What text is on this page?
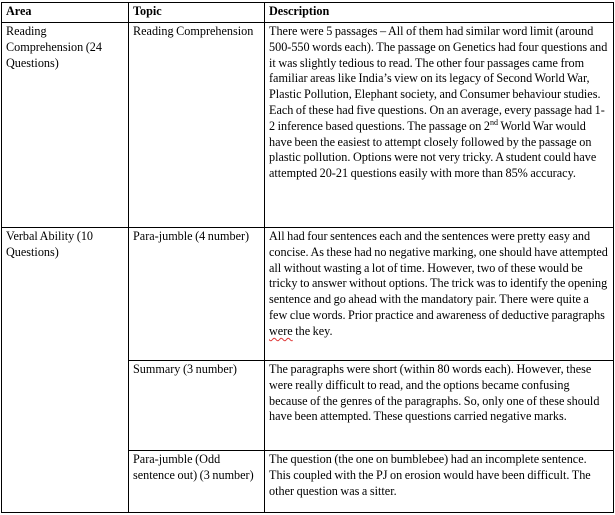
Area	Topic	Description
Reading Comprehension (24 Questions)	Reading Comprehension	There were 5 passages – All of them had similar word limit (around 500-550 words each). The passage on Genetics had four questions and it was slightly tedious to read. The other four passages came from familiar areas like India’s view on its legacy of Second World War, Plastic Pollution, Elephant society, and Consumer behaviour studies. Each of these had five questions. On an average, every passage had 1-2 inference based questions. The passage on 2nd World War would have been the easiest to attempt closely followed by the passage on plastic pollution. Options were not very tricky. A student could have attempted 20-21 questions easily with more than 85% accuracy.
Verbal Ability (10 Questions)	Para-jumble (4 number)	All had four sentences each and the sentences were pretty easy and concise. As these had no negative marking, one should have attempted all without wasting a lot of time. However, two of these would be tricky to answer without options. The trick was to identify the opening sentence and go ahead with the mandatory pair. There were quite a few clue words. Prior practice and awareness of deductive paragraphs were the key.
	Summary (3 number)	The paragraphs were short (within 80 words each). However, these were really difficult to read, and the options became confusing because of the genres of the paragraphs. So, only one of these should have been attempted. These questions carried negative marks.
	Para-jumble (Odd sentence out) (3 number)	The question (the one on bumblebee) had an incomplete sentence. This coupled with the PJ on erosion would have been difficult. The other question was a sitter.
